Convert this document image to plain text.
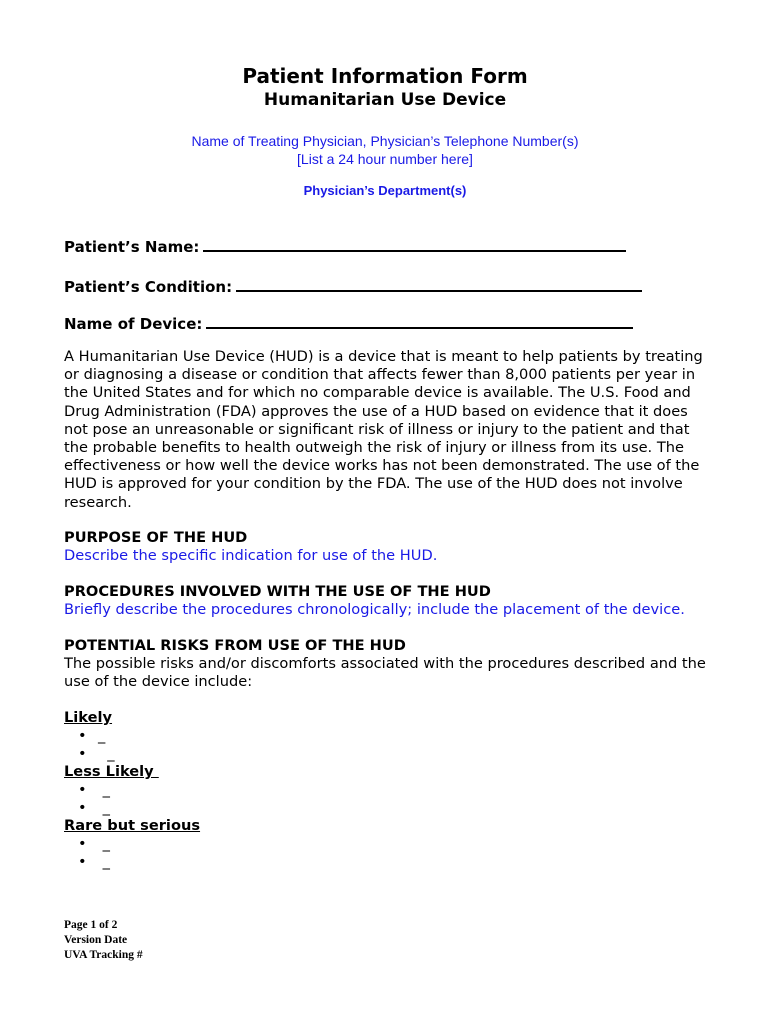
Patient Information Form
Humanitarian Use Device
Name of Treating Physician, Physician’s Telephone Number(s)
[List a 24 hour number here]
Physician’s Department(s)
Patient’s Name:
Patient’s Condition:
Name of Device:
A Humanitarian Use Device (HUD) is a device that is meant to help patients by treating or diagnosing a disease or condition that affects fewer than 8,000 patients per year in the United States and for which no comparable device is available. The U.S. Food and Drug Administration (FDA) approves the use of a HUD based on evidence that it does not pose an unreasonable or significant risk of illness or injury to the patient and that the probable benefits to health outweigh the risk of injury or illness from its use. The effectiveness or how well the device works has not been demonstrated. The use of the HUD is approved for your condition by the FDA. The use of the HUD does not involve research.
PURPOSE OF THE HUD
Describe the specific indication for use of the HUD.
PROCEDURES INVOLVED WITH THE USE OF THE HUD
Briefly describe the procedures chronologically; include the placement of the device.
POTENTIAL RISKS FROM USE OF THE HUD
The possible risks and/or discomforts associated with the procedures described and the use of the device include:
Likely
• _
•  _
Less Likely
• _
• _
Rare but serious
• _
• _
Page 1 of 2
Version Date
UVA Tracking #
